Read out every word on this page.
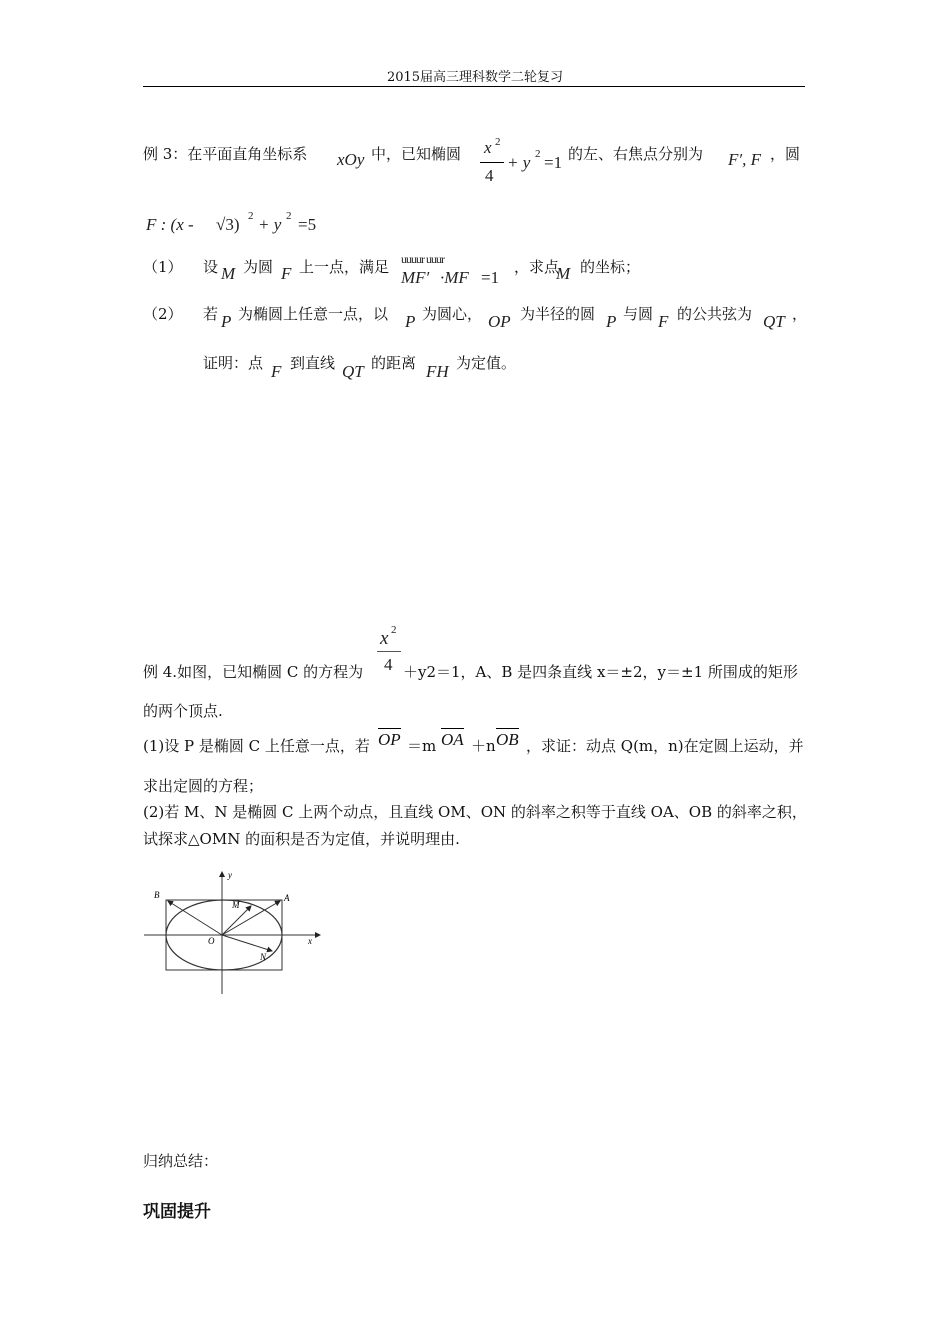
2015届高三理科数学二轮复习
例 3：在平面直角坐标系 xOy 中，已知椭圆 x 2
4
+ y 2 =1 的左、右焦点分别为 F′, F ，圆
F : (x - √3) 2 + y 2 =5
（1） 设 M 为圆 F 上一点，满足 uuuur uuur
MF′ ·MF =1
，求点
M 的坐标；
（2） 若 P 为椭圆上任意一点，以 P 为圆心， OP 为半径的圆 P 与圆 F 的公共弦为 QT ，
证明：点 F 到直线 QT 的距离 FH 为定值。
x 2
4
例 4.如图，已知椭圆 C 的方程为	＋y2＝1，A、B 是四条直线 x＝±2，y＝±1 所围成的矩形
的两个顶点.
(1)设 P 是椭圆 C 上任意一点，若 OP ＝m OA ＋n OB ，求证：动点 Q(m，n)在定圆上运动，并
求出定圆的方程；
(2)若 M、N 是椭圆 C 上两个动点，且直线 OM、ON 的斜率之积等于直线 OA、OB 的斜率之积，
试探求△OMN 的面积是否为定值，并说明理由.
y
x
O
A
B
M
N
归纳总结：
巩固提升
